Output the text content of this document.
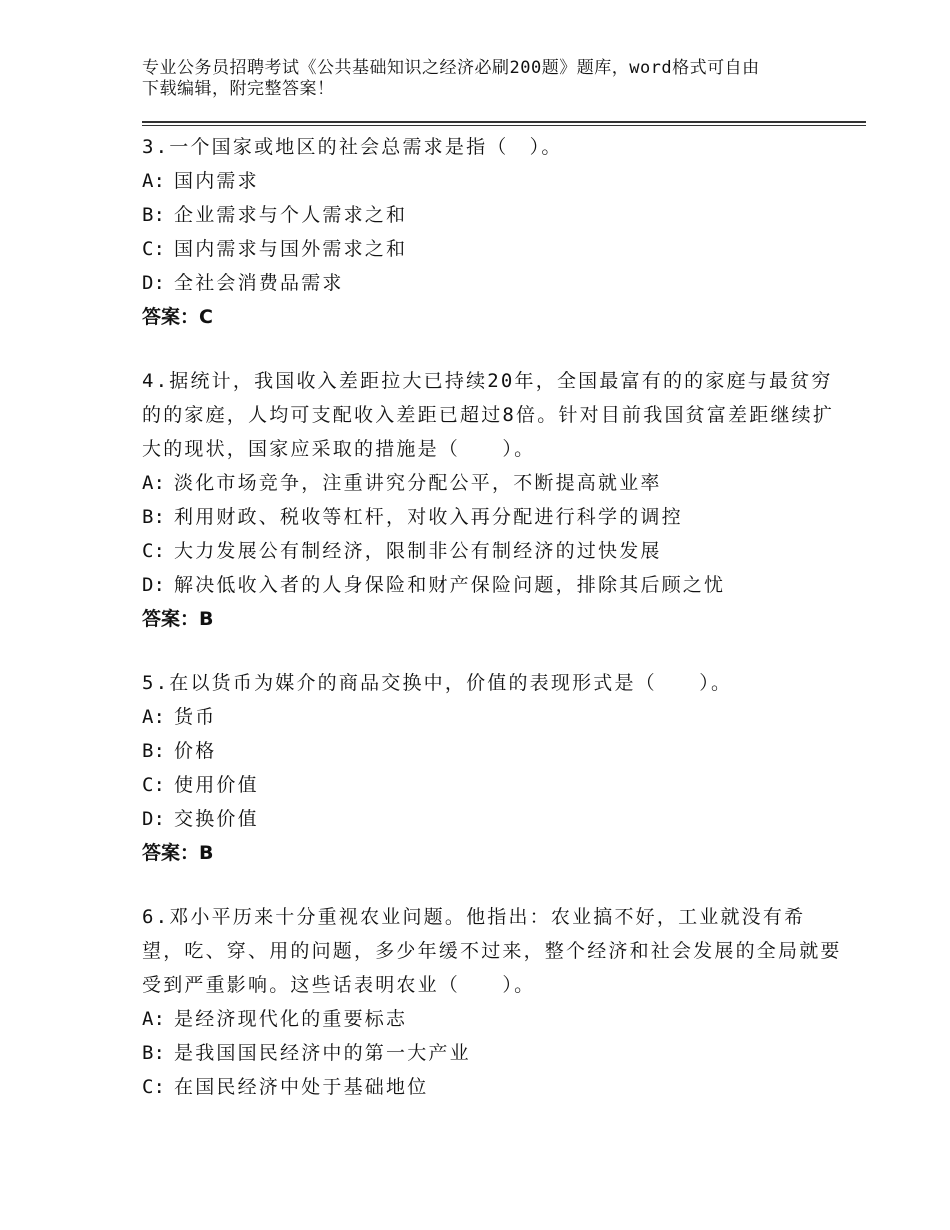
专业公务员招聘考试《公共基础知识之经济必刷200题》题库，word格式可自由
下载编辑，附完整答案！
3.一个国家或地区的社会总需求是指（　）。
A: 国内需求
B: 企业需求与个人需求之和
C: 国内需求与国外需求之和
D: 全社会消费品需求
答案：C
4.据统计，我国收入差距拉大已持续20年，全国最富有的的家庭与最贫穷的的家庭，人均可支配收入差距已超过8倍。针对目前我国贫富差距继续扩大的现状，国家应采取的措施是（　　）。
A: 淡化市场竞争，注重讲究分配公平，不断提高就业率
B: 利用财政、税收等杠杆，对收入再分配进行科学的调控
C: 大力发展公有制经济，限制非公有制经济的过快发展
D: 解决低收入者的人身保险和财产保险问题，排除其后顾之忧
答案：B
5.在以货币为媒介的商品交换中，价值的表现形式是（　　）。
A: 货币
B: 价格
C: 使用价值
D: 交换价值
答案：B
6.邓小平历来十分重视农业问题。他指出：农业搞不好，工业就没有希望，吃、穿、用的问题，多少年缓不过来，整个经济和社会发展的全局就要受到严重影响。这些话表明农业（　　）。
A: 是经济现代化的重要标志
B: 是我国国民经济中的第一大产业
C: 在国民经济中处于基础地位
